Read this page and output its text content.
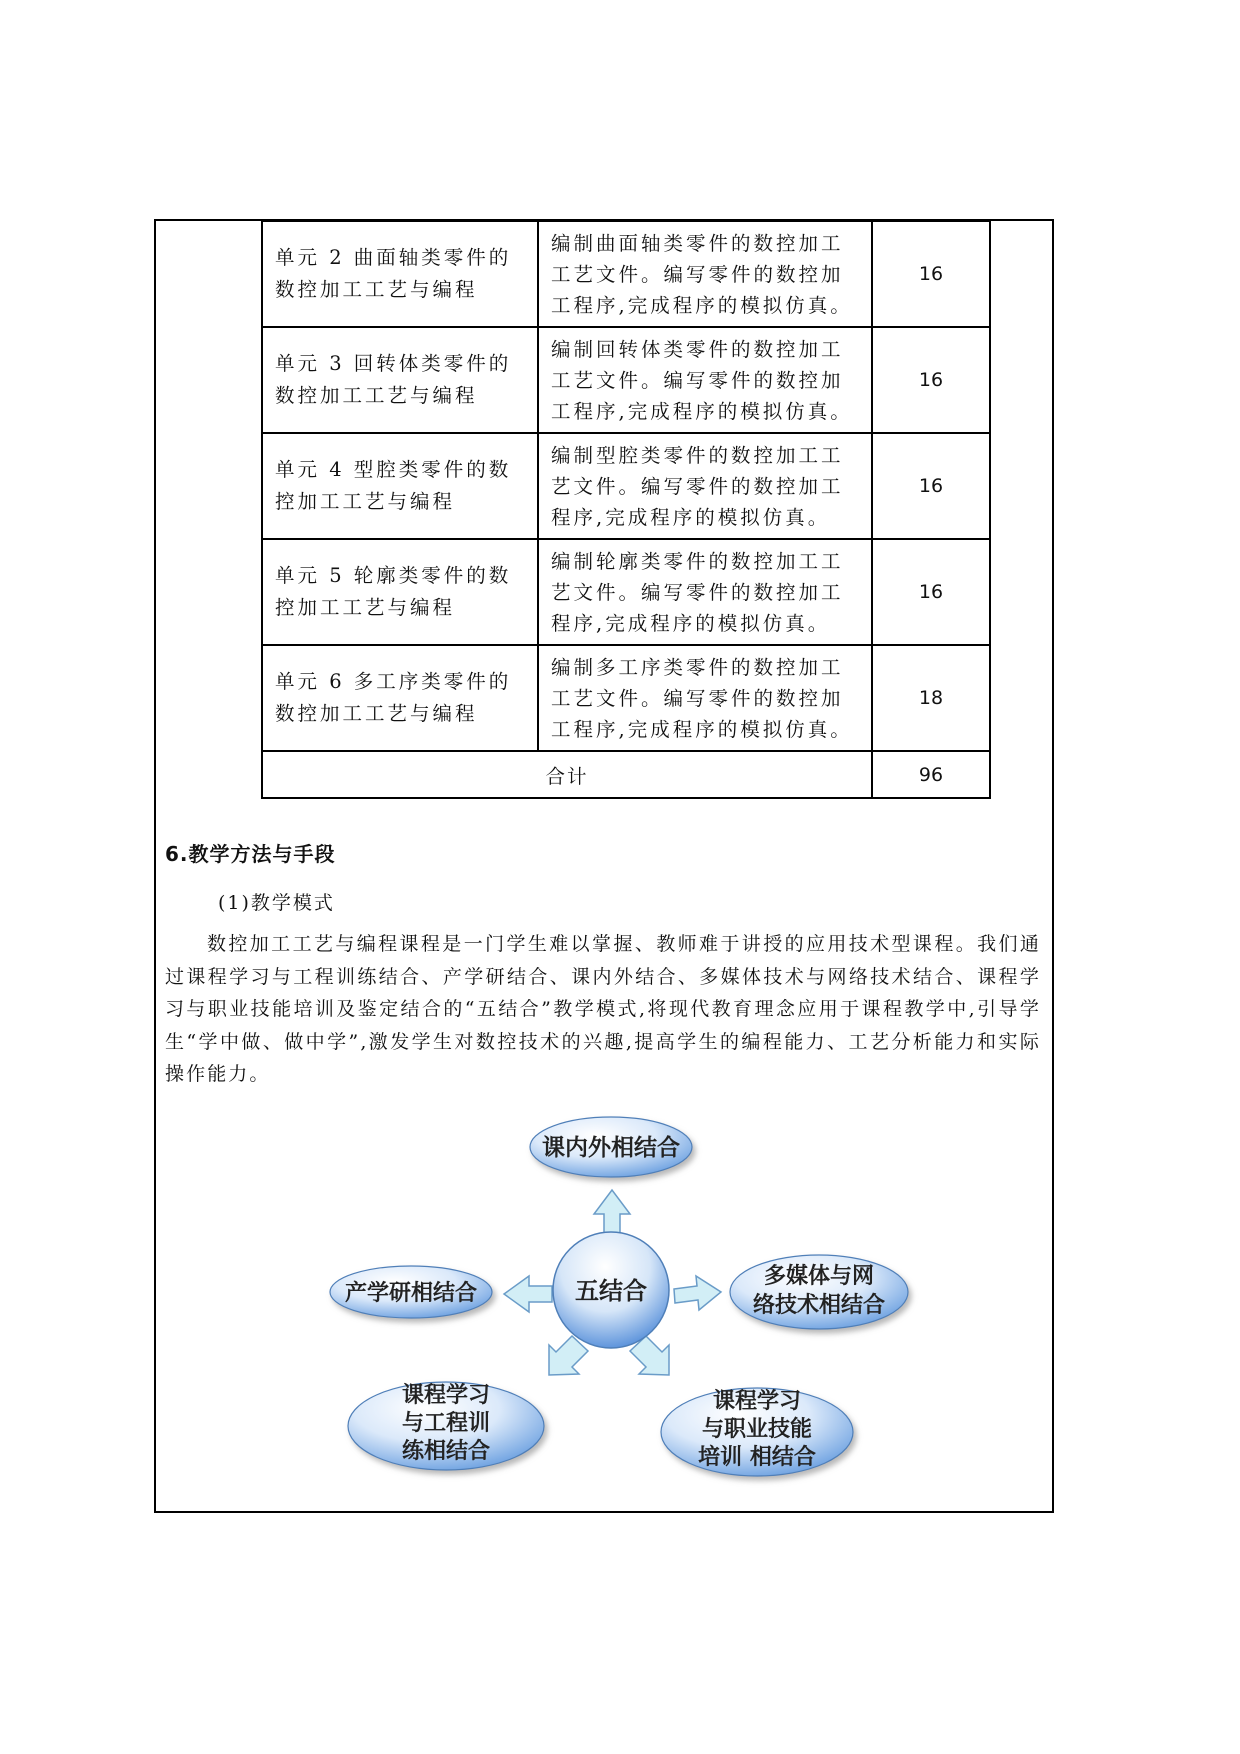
单元 2 曲面轴类零件的数控加工工艺与编程	编制曲面轴类零件的数控加工工艺文件。编写零件的数控加工程序,完成程序的模拟仿真。	16
单元 3 回转体类零件的数控加工工艺与编程	编制回转体类零件的数控加工工艺文件。编写零件的数控加工程序,完成程序的模拟仿真。	16
单元 4 型腔类零件的数控加工工艺与编程	编制型腔类零件的数控加工工艺文件。编写零件的数控加工程序,完成程序的模拟仿真。	16
单元 5 轮廓类零件的数控加工工艺与编程	编制轮廓类零件的数控加工工艺文件。编写零件的数控加工程序,完成程序的模拟仿真。	16
单元 6 多工序类零件的数控加工工艺与编程	编制多工序类零件的数控加工工艺文件。编写零件的数控加工程序,完成程序的模拟仿真。	18
合计		96
6.教学方法与手段
(1)教学模式

数控加工工艺与编程课程是一门学生难以掌握、教师难于讲授的应用技术型课程。我们通过课程学习与工程训练结合、产学研结合、课内外结合、多媒体技术与网络技术结合、课程学习与职业技能培训及鉴定结合的“五结合”教学模式,将现代教育理念应用于课程教学中,引导学生“学中做、做中学”,激发学生对数控技术的兴趣,提高学生的编程能力、工艺分析能力和实际操作能力。

五结合
课内外相结合
产学研相结合
多媒体与网
络技术相结合
课程学习
与工程训
练相结合
课程学习
与职业技能
培训 相结合
